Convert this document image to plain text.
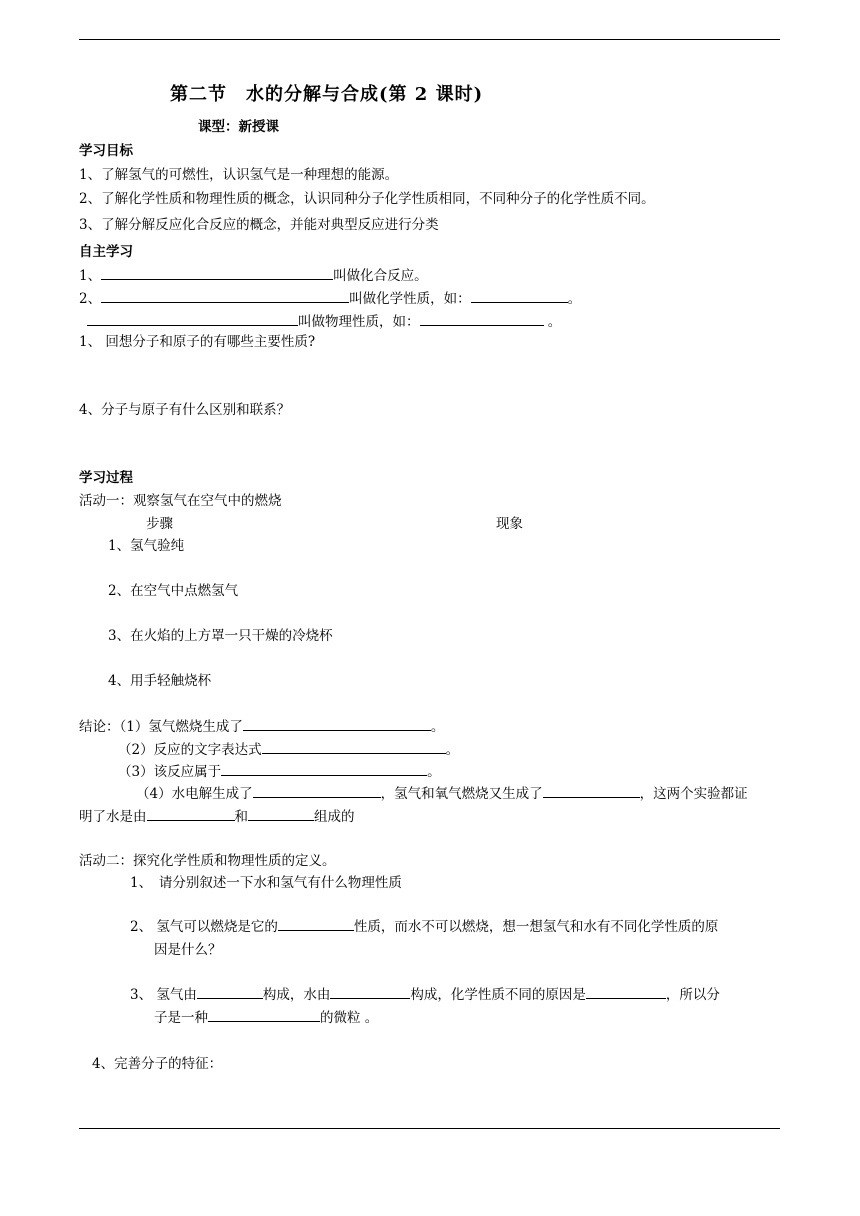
第二节　水的分解与合成(第 2 课时)
课型：新授课
学习目标
1、了解氢气的可燃性，认识氢气是一种理想的能源。
2、了解化学性质和物理性质的概念，认识同种分子化学性质相同，不同种分子的化学性质不同。
3、了解分解反应化合反应的概念，并能对典型反应进行分类
自主学习
1、	叫做化合反应。
2、	叫做化学性质，如：	。
叫做物理性质，如：	。
1、 回想分子和原子的有哪些主要性质?
4、分子与原子有什么区别和联系？
学习过程
活动一：观察氢气在空气中的燃烧
步骤	现象
1、氢气验纯
2、在空气中点燃氢气
3、在火焰的上方罩一只干燥的冷烧杯
4、用手轻触烧杯
结论：（1）氢气燃烧生成了	。
（2）反应的文字表达式	。
（3）该反应属于	。
（4）水电解生成了	，氢气和氧气燃烧又生成了	，这两个实验都证
明了水是由	和	组成的
活动二：探究化学性质和物理性质的定义。
1、　请分别叙述一下水和氢气有什么物理性质
2、 氢气可以燃烧是它的	性质，而水不可以燃烧，想一想氢气和水有不同化学性质的原
因是什么？
3、 氢气由	构成，水由	构成，化学性质不同的原因是	，所以分
子是一种	的微粒 。
4、完善分子的特征：
